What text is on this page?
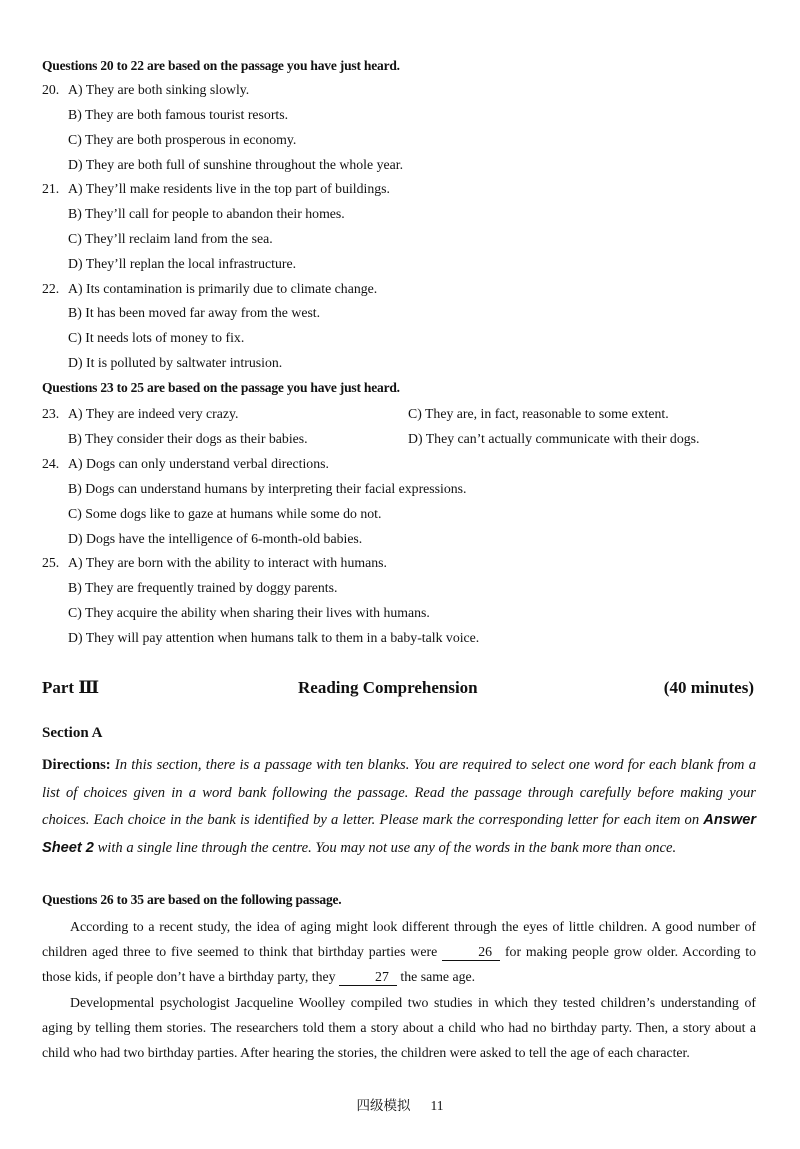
Questions 20 to 22 are based on the passage you have just heard.
20. A) They are both sinking slowly.
B) They are both famous tourist resorts.
C) They are both prosperous in economy.
D) They are both full of sunshine throughout the whole year.
21. A) They’ll make residents live in the top part of buildings.
B) They’ll call for people to abandon their homes.
C) They’ll reclaim land from the sea.
D) They’ll replan the local infrastructure.
22. A) Its contamination is primarily due to climate change.
B) It has been moved far away from the west.
C) It needs lots of money to fix.
D) It is polluted by saltwater intrusion.
Questions 23 to 25 are based on the passage you have just heard.
23. A) They are indeed very crazy.	C) They are, in fact, reasonable to some extent.
B) They consider their dogs as their babies.	D) They can’t actually communicate with their dogs.
24. A) Dogs can only understand verbal directions.
B) Dogs can understand humans by interpreting their facial expressions.
C) Some dogs like to gaze at humans while some do not.
D) Dogs have the intelligence of 6-month-old babies.
25. A) They are born with the ability to interact with humans.
B) They are frequently trained by doggy parents.
C) They acquire the ability when sharing their lives with humans.
D) They will pay attention when humans talk to them in a baby-talk voice.
Part Ⅲ	Reading Comprehension	(40 minutes)
Section A
Directions: In this section, there is a passage with ten blanks. You are required to select one word for each blank from a list of choices given in a word bank following the passage. Read the passage through carefully before making your choices. Each choice in the bank is identified by a letter. Please mark the corresponding letter for each item on Answer Sheet 2 with a single line through the centre. You may not use any of the words in the bank more than once.
Questions 26 to 35 are based on the following passage.
According to a recent study, the idea of aging might look different through the eyes of little children. A good number of children aged three to five seemed to think that birthday parties were	26 for making people grow older. According to those kids, if people don’t have a birthday party, they	27 the same age.
Developmental psychologist Jacqueline Woolley compiled two studies in which they tested children’s understanding of aging by telling them stories. The researchers told them a story about a child who had no birthday party. Then, a story about a child who had two birthday parties. After hearing the stories, the children were asked to tell the age of each character.
四级模拟 11
